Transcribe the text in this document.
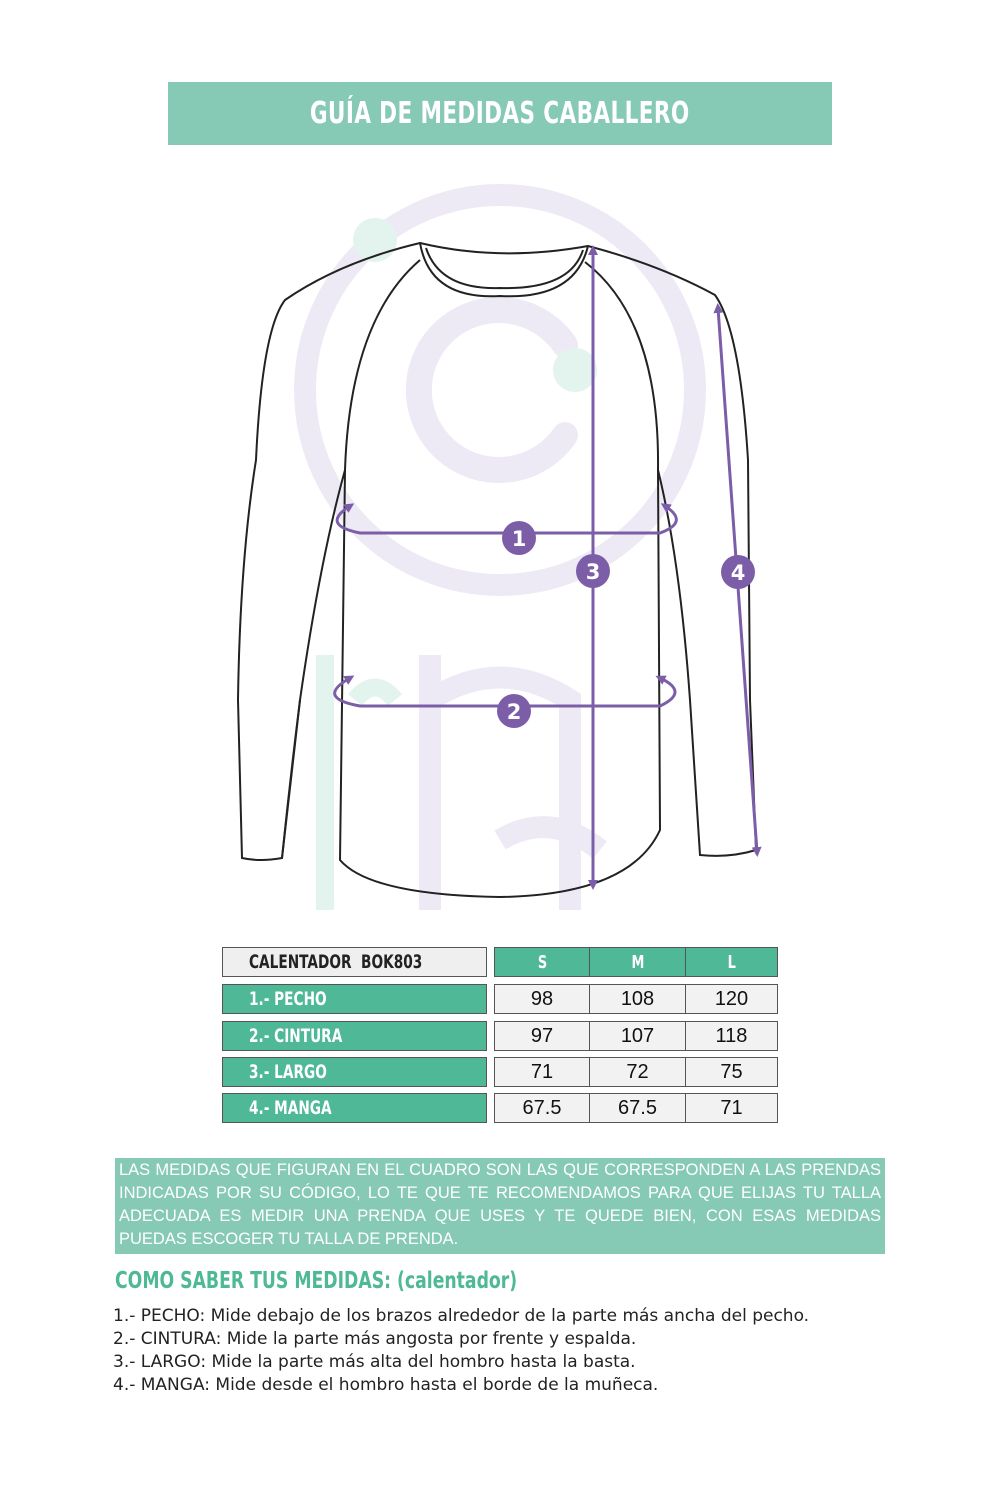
GUÍA DE MEDIDAS CABALLERO
1
2
3	4
CALENTADOR BOK803	S	M	L
1.- PECHO	98	108	120
2.- CINTURA	97	107	118
3.- LARGO	71	72	75
4.- MANGA	67.5	67.5	71
LAS MEDIDAS QUE FIGURAN EN EL CUADRO SON LAS QUE CORRESPONDEN A LAS PRENDAS INDICADAS POR SU CÓDIGO, LO TE QUE TE RECOMENDAMOS PARA QUE ELIJAS TU TALLA ADECUADA ES MEDIR UNA PRENDA QUE USES Y TE QUEDE BIEN, CON ESAS MEDIDAS PUEDAS ESCOGER TU TALLA DE PRENDA.
COMO SABER TUS MEDIDAS: (calentador)
1.- PECHO: Mide debajo de los brazos alrededor de la parte más ancha del pecho.
2.- CINTURA: Mide la parte más angosta por frente y espalda.
3.- LARGO: Mide la parte más alta del hombro hasta la basta.
4.- MANGA: Mide desde el hombro hasta el borde de la muñeca.
